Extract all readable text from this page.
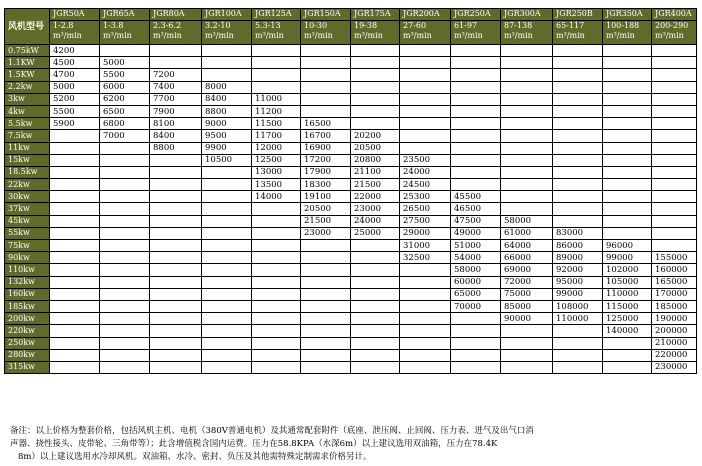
风机型号	JGR50A	JGR65A	JGR80A	JGR100A	JGR125A	JGR150A	JGR175A	JGR200A	JGR250A	JGR300A	JGR250B	JGR350A	JGR400A	
	1-2.8 m³/min	1-3.8 m³/min	2.3-6.2 m³/min	3.2-10 m³/min	5.3-13 m³/min	10-30 m³/min	19-38 m³/min	27-60 m³/min	61-97 m³/min	87-138 m³/min	65-117 m³/min	100-188 m³/min	200-290 m³/min	
0.75kW	4200													
1.1KW	4500	5000												
1.5KW	4700	5500	7200											
2.2kw	5000	6000	7400	8000										
3kw	5200	6200	7700	8400	11000									
4kw	5500	6500	7900	8800	11200									
5.5kw	5900	6800	8100	9000	11500	16500								
7.5kw		7000	8400	9500	11700	16700	20200							
11kw			8800	9900	12000	16900	20500							
15kw				10500	12500	17200	20800	23500						
18.5kw					13000	17900	21100	24000						
22kw					13500	18300	21500	24500						
30kw					14000	19100	22000	25300	45500					
37kw						20500	23000	26500	46500					
45kw						21500	24000	27500	47500	58000				
55kw						23000	25000	29000	49000	61000	83000			
75kw								31000	51000	64000	86000	96000		
90kw								32500	54000	66000	89000	99000	155000	
110kw									58000	69000	92000	102000	160000	
132kw									60000	72000	95000	105000	165000	
160kw									65000	75000	99000	110000	170000	
185kw									70000	85000	108000	115000	185000	
200kw										90000	110000	125000	190000	
220kw												140000	200000	
250kw													210000	
280kw													220000	
315kw													230000	
备注：以上价格为整套价格，包括风机主机、电机（380V普通电机）及其通常配套附件（底座、泄压阀、止回阀、压力表、进气及出气口消
声器、挠性接头、皮带轮、三角带等）；此含增值税含国内运费。压力在58.8KPA（水深6m）以上建议选用双油箱，压力在78.4K
8m）以上建议选用水冷却风机。双油箱、水冷、密封、负压及其他需特殊定制需求价格另计。
